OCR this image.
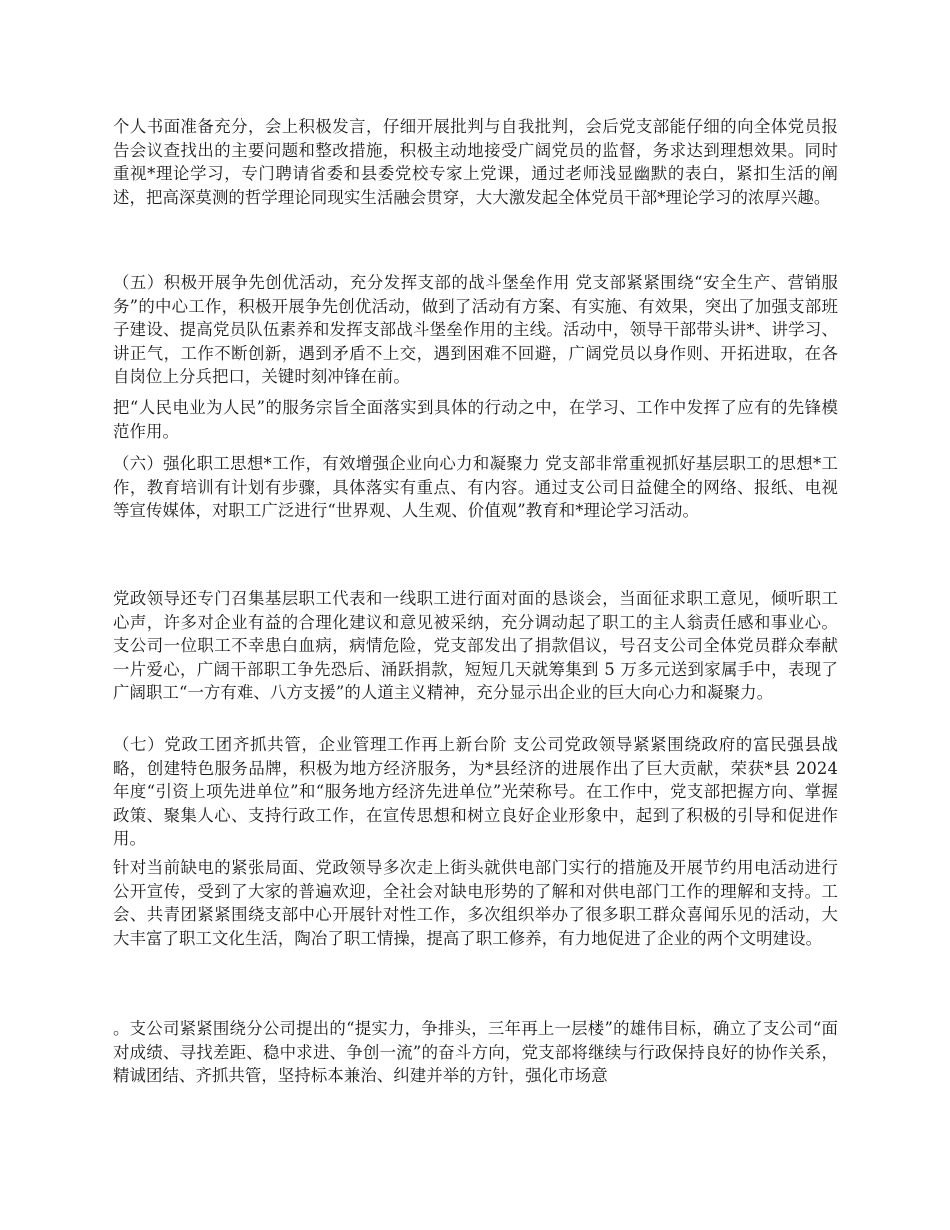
个人书面准备充分，会上积极发言，仔细开展批判与自我批判，会后党支部能仔细的向全体党员报告会议查找出的主要问题和整改措施，积极主动地接受广阔党员的监督，务求达到理想效果。同时重视*理论学习，专门聘请省委和县委党校专家上党课，通过老师浅显幽默的表白，紧扣生活的阐述，把高深莫测的哲学理论同现实生活融会贯穿，大大激发起全体党员干部*理论学习的浓厚兴趣。

（五）积极开展争先创优活动，充分发挥支部的战斗堡垒作用 党支部紧紧围绕“安全生产、营销服务”的中心工作，积极开展争先创优活动，做到了活动有方案、有实施、有效果，突出了加强支部班子建设、提高党员队伍素养和发挥支部战斗堡垒作用的主线。活动中，领导干部带头讲*、讲学习、讲正气，工作不断创新，遇到矛盾不上交，遇到困难不回避，广阔党员以身作则、开拓进取，在各自岗位上分兵把口，关键时刻冲锋在前。

把“人民电业为人民”的服务宗旨全面落实到具体的行动之中，在学习、工作中发挥了应有的先锋模范作用。

（六）强化职工思想*工作，有效增强企业向心力和凝聚力 党支部非常重视抓好基层职工的思想*工作，教育培训有计划有步骤，具体落实有重点、有内容。通过支公司日益健全的网络、报纸、电视等宣传媒体，对职工广泛进行“世界观、人生观、价值观”教育和*理论学习活动。

党政领导还专门召集基层职工代表和一线职工进行面对面的恳谈会，当面征求职工意见，倾听职工心声，许多对企业有益的合理化建议和意见被采纳，充分调动起了职工的主人翁责任感和事业心。支公司一位职工不幸患白血病，病情危险，党支部发出了捐款倡议，号召支公司全体党员群众奉献一片爱心，广阔干部职工争先恐后、涌跃捐款，短短几天就筹集到 5 万多元送到家属手中，表现了广阔职工“一方有难、八方支援”的人道主义精神，充分显示出企业的巨大向心力和凝聚力。

（七）党政工团齐抓共管，企业管理工作再上新台阶 支公司党政领导紧紧围绕政府的富民强县战略，创建特色服务品牌，积极为地方经济服务，为*县经济的进展作出了巨大贡献，荣获*县 2024 年度“引资上项先进单位”和“服务地方经济先进单位”光荣称号。在工作中，党支部把握方向、掌握政策、聚集人心、支持行政工作，在宣传思想和树立良好企业形象中，起到了积极的引导和促进作用。

针对当前缺电的紧张局面、党政领导多次走上街头就供电部门实行的措施及开展节约用电活动进行公开宣传，受到了大家的普遍欢迎，全社会对缺电形势的了解和对供电部门工作的理解和支持。工会、共青团紧紧围绕支部中心开展针对性工作，多次组织举办了很多职工群众喜闻乐见的活动，大大丰富了职工文化生活，陶冶了职工情操，提高了职工修养，有力地促进了企业的两个文明建设。

。支公司紧紧围绕分公司提出的“提实力，争排头，三年再上一层楼”的雄伟目标，确立了支公司“面对成绩、寻找差距、稳中求进、争创一流”的奋斗方向，党支部将继续与行政保持良好的协作关系，精诚团结、齐抓共管，坚持标本兼治、纠建并举的方针，强化市场意
